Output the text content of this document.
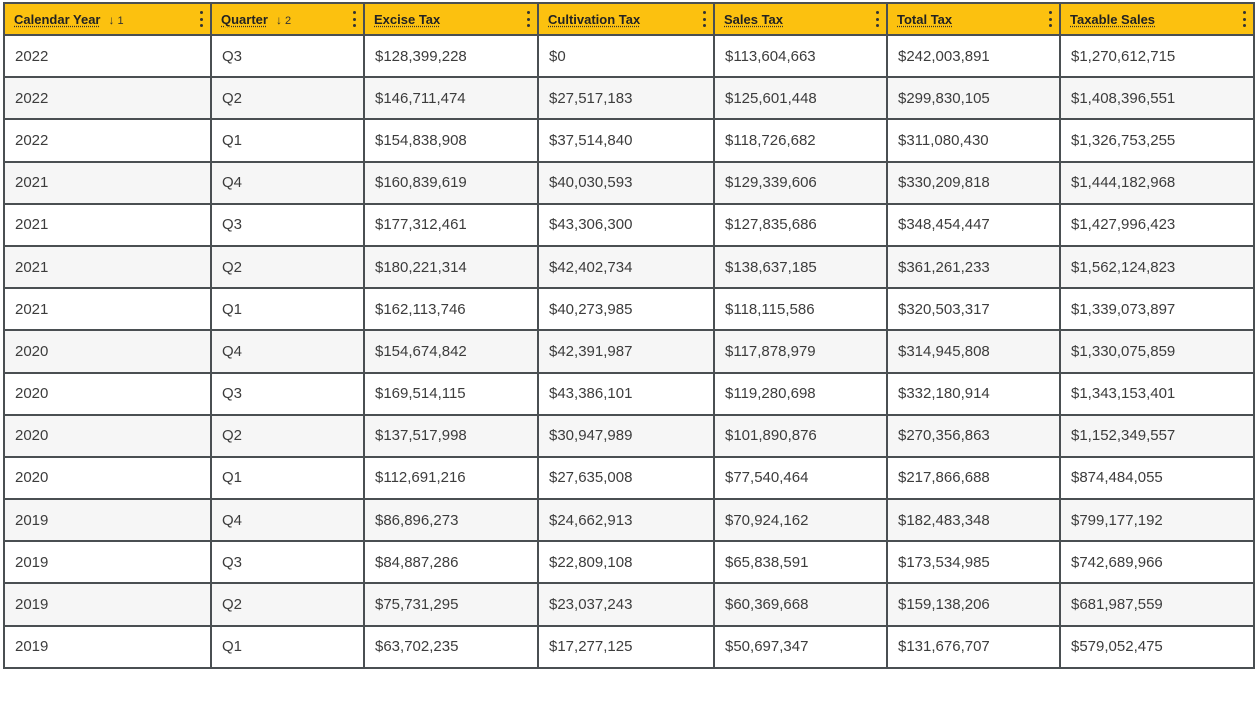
Calendar Year ↓ 1	Quarter ↓ 2	Excise Tax	Cultivation Tax	Sales Tax	Total Tax	Taxable Sales

2022	Q3	$128,399,228	$0	$113,604,663	$242,003,891	$1,270,612,715
2022	Q2	$146,711,474	$27,517,183	$125,601,448	$299,830,105	$1,408,396,551
2022	Q1	$154,838,908	$37,514,840	$118,726,682	$311,080,430	$1,326,753,255
2021	Q4	$160,839,619	$40,030,593	$129,339,606	$330,209,818	$1,444,182,968
2021	Q3	$177,312,461	$43,306,300	$127,835,686	$348,454,447	$1,427,996,423
2021	Q2	$180,221,314	$42,402,734	$138,637,185	$361,261,233	$1,562,124,823
2021	Q1	$162,113,746	$40,273,985	$118,115,586	$320,503,317	$1,339,073,897
2020	Q4	$154,674,842	$42,391,987	$117,878,979	$314,945,808	$1,330,075,859
2020	Q3	$169,514,115	$43,386,101	$119,280,698	$332,180,914	$1,343,153,401
2020	Q2	$137,517,998	$30,947,989	$101,890,876	$270,356,863	$1,152,349,557
2020	Q1	$112,691,216	$27,635,008	$77,540,464	$217,866,688	$874,484,055
2019	Q4	$86,896,273	$24,662,913	$70,924,162	$182,483,348	$799,177,192
2019	Q3	$84,887,286	$22,809,108	$65,838,591	$173,534,985	$742,689,966
2019	Q2	$75,731,295	$23,037,243	$60,369,668	$159,138,206	$681,987,559
2019	Q1	$63,702,235	$17,277,125	$50,697,347	$131,676,707	$579,052,475
